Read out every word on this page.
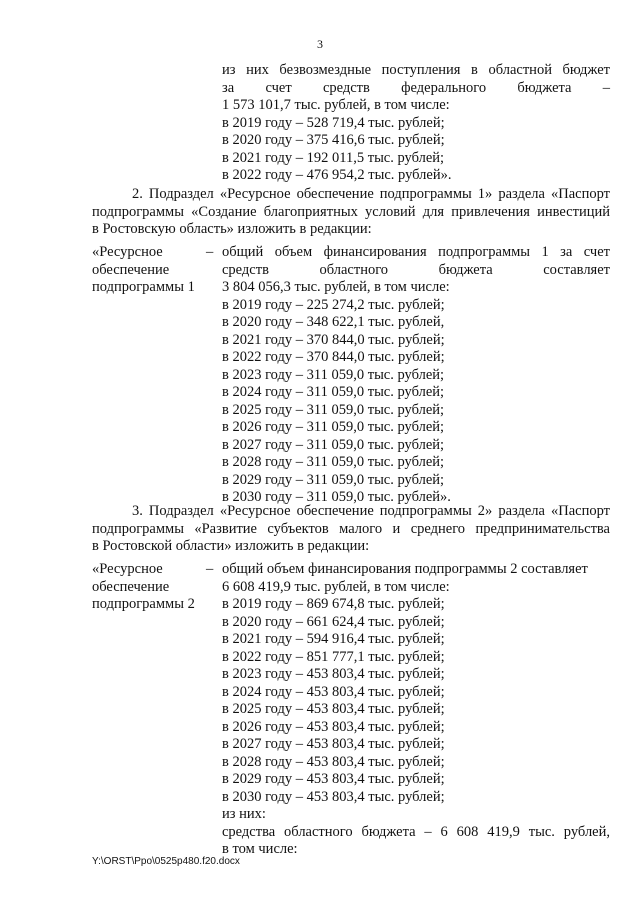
3
из них безвозмездные поступления в областной бюджет
за счет средств федерального бюджета –
1 573 101,7 тыс. рублей, в том числе:
в 2019 году – 528 719,4 тыс. рублей;
в 2020 году – 375 416,6 тыс. рублей;
в 2021 году – 192 011,5 тыс. рублей;
в 2022 году – 476 954,2 тыс. рублей».
2. Подраздел «Ресурсное обеспечение подпрограммы 1» раздела «Паспорт
подпрограммы «Создание благоприятных условий для привлечения инвестиций
в Ростовскую область» изложить в редакции:
«Ресурсное
обеспечение
подпрограммы 1
– общий объем финансирования подпрограммы 1 за счет
средств областного бюджета составляет
3 804 056,3 тыс. рублей, в том числе:
в 2019 году – 225 274,2 тыс. рублей;
в 2020 году – 348 622,1 тыс. рублей,
в 2021 году – 370 844,0 тыс. рублей;
в 2022 году – 370 844,0 тыс. рублей;
в 2023 году – 311 059,0 тыс. рублей;
в 2024 году – 311 059,0 тыс. рублей;
в 2025 году – 311 059,0 тыс. рублей;
в 2026 году – 311 059,0 тыс. рублей;
в 2027 году – 311 059,0 тыс. рублей;
в 2028 году – 311 059,0 тыс. рублей;
в 2029 году – 311 059,0 тыс. рублей;
в 2030 году – 311 059,0 тыс. рублей».
3. Подраздел «Ресурсное обеспечение подпрограммы 2» раздела «Паспорт
подпрограммы «Развитие субъектов малого и среднего предпринимательства
в Ростовской области» изложить в редакции:
«Ресурсное
обеспечение
подпрограммы 2
– общий объем финансирования подпрограммы 2 составляет
6 608 419,9 тыс. рублей, в том числе:
в 2019 году – 869 674,8 тыс. рублей;
в 2020 году – 661 624,4 тыс. рублей;
в 2021 году – 594 916,4 тыс. рублей;
в 2022 году – 851 777,1 тыс. рублей;
в 2023 году – 453 803,4 тыс. рублей;
в 2024 году – 453 803,4 тыс. рублей;
в 2025 году – 453 803,4 тыс. рублей;
в 2026 году – 453 803,4 тыс. рублей;
в 2027 году – 453 803,4 тыс. рублей;
в 2028 году – 453 803,4 тыс. рублей;
в 2029 году – 453 803,4 тыс. рублей;
в 2030 году – 453 803,4 тыс. рублей;
из них:
средства областного бюджета – 6 608 419,9 тыс. рублей,
в том числе:
Y:\ORST\Ppo\0525p480.f20.docx
